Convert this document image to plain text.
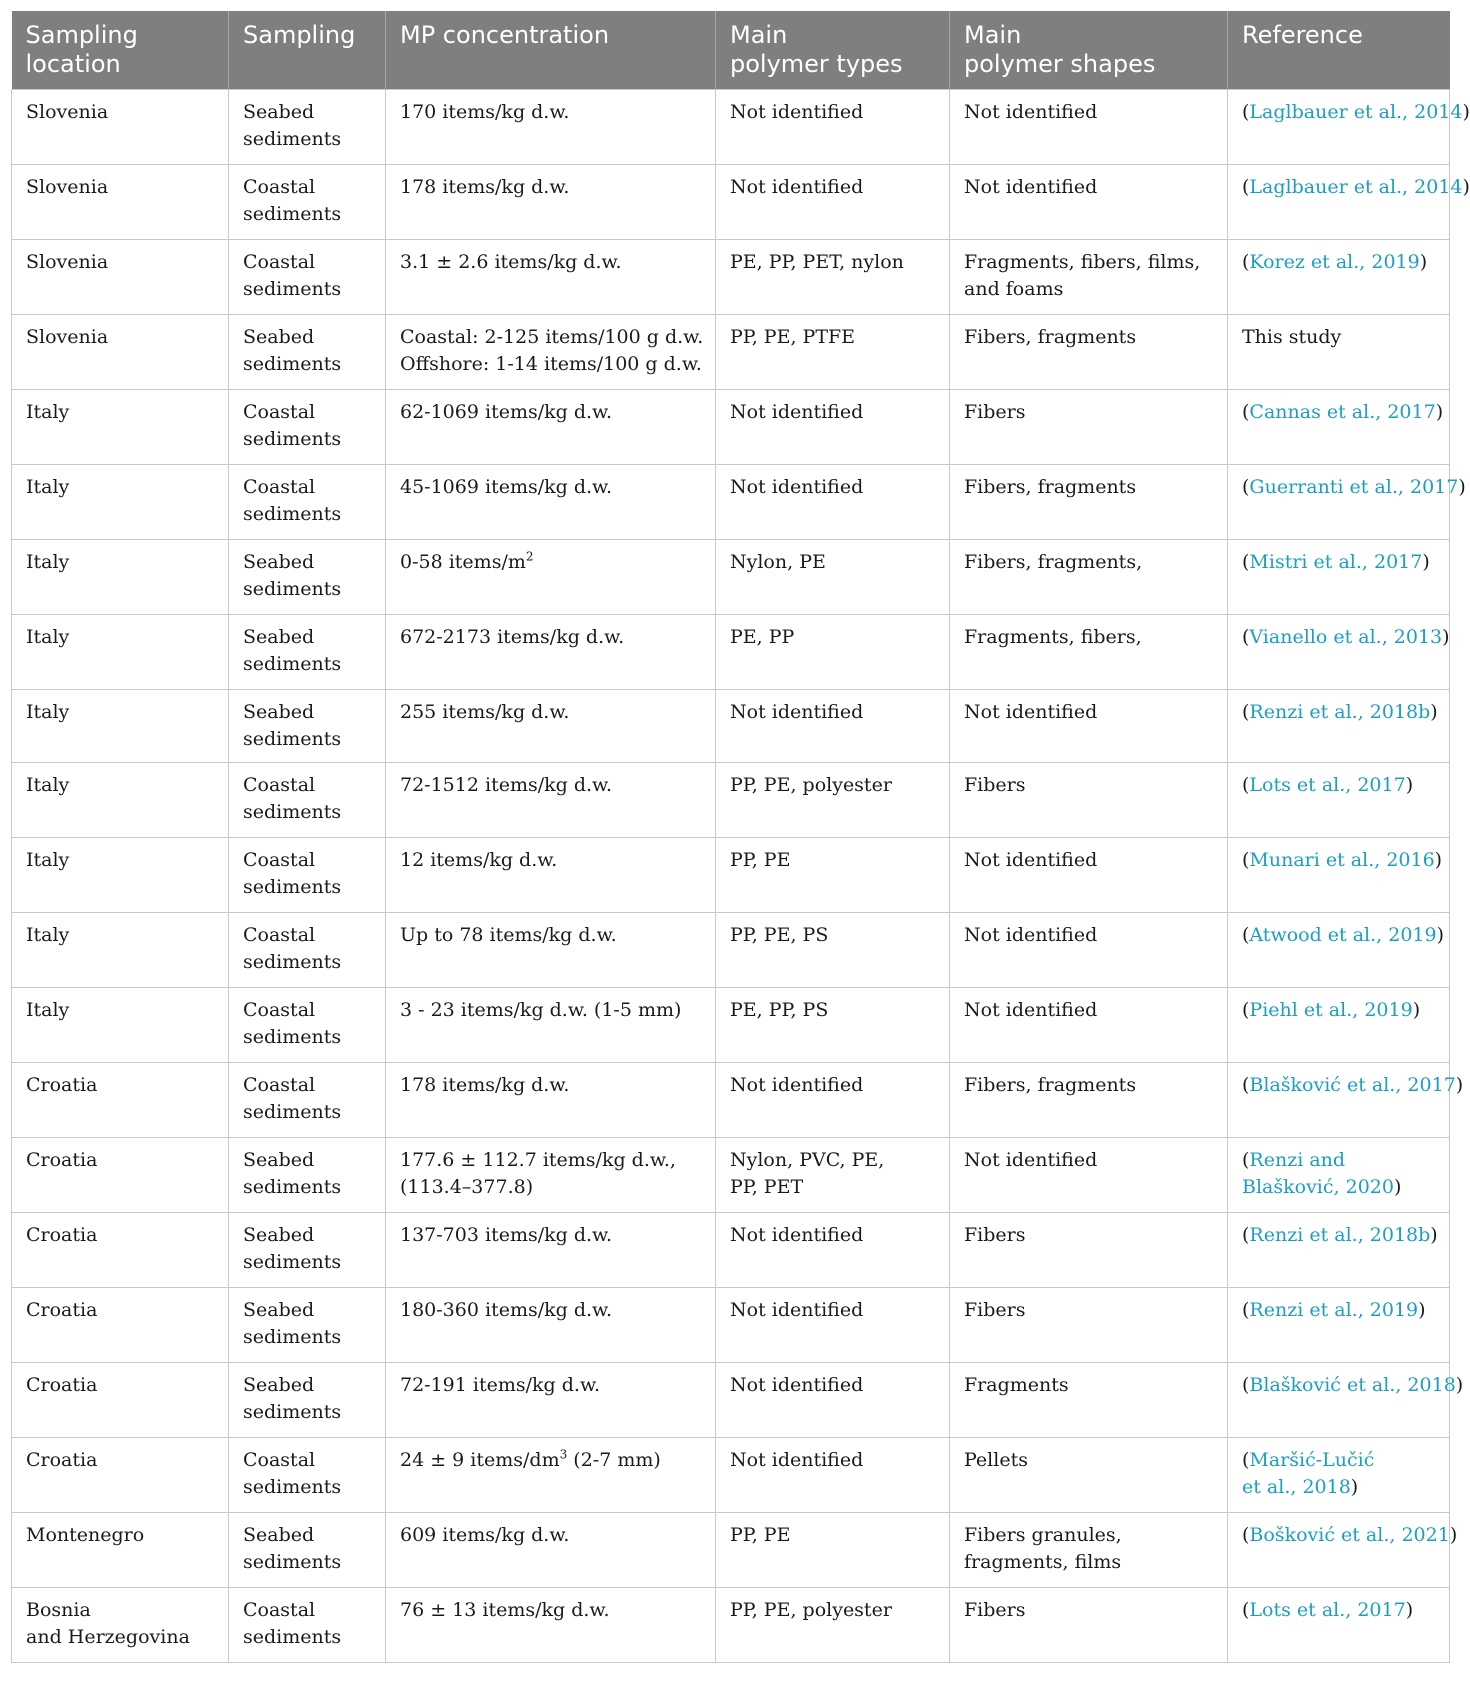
Sampling
location	Sampling	MP concentration	Main
polymer types	Main
polymer shapes	Reference

Slovenia	Seabed
sediments	170 items/kg d.w.	Not identified	Not identified	(Laglbauer et al., 2014)

Slovenia	Coastal
sediments	178 items/kg d.w.	Not identified	Not identified	(Laglbauer et al., 2014)

Slovenia	Coastal
sediments	3.1 ± 2.6 items/kg d.w.	PE, PP, PET, nylon	Fragments, fibers, films,
and foams	(Korez et al., 2019)

Slovenia	Seabed
sediments	Coastal: 2-125 items/100 g d.w.
Offshore: 1-14 items/100 g d.w.	PP, PE, PTFE	Fibers, fragments	This study

Italy	Coastal
sediments	62-1069 items/kg d.w.	Not identified	Fibers	(Cannas et al., 2017)

Italy	Coastal
sediments	45-1069 items/kg d.w.	Not identified	Fibers, fragments	(Guerranti et al., 2017)

Italy	Seabed
sediments	0-58 items/$m^2$	Nylon, PE	Fibers, fragments,	(Mistri et al., 2017)

Italy	Seabed
sediments	672-2173 items/kg d.w.	PE, PP	Fragments, fibers,	(Vianello et al., 2013)

Italy	Seabed
sediments	255 items/kg d.w.	Not identified	Not identified	(Renzi et al., 2018b)

Italy	Coastal
sediments	72-1512 items/kg d.w.	PP, PE, polyester	Fibers	(Lots et al., 2017)

Italy	Coastal
sediments	12 items/kg d.w.	PP, PE	Not identified	(Munari et al., 2016)

Italy	Coastal
sediments	Up to 78 items/kg d.w.	PP, PE, PS	Not identified	(Atwood et al., 2019)

Italy	Coastal
sediments	3 - 23 items/kg d.w. (1-5 mm)	PE, PP, PS	Not identified	(Piehl et al., 2019)

Croatia	Coastal
sediments	178 items/kg d.w.	Not identified	Fibers, fragments	(Blašković et al., 2017)

Croatia	Seabed
sediments	177.6 ± 112.7 items/kg d.w.,
(113.4–377.8)	Nylon, PVC, PE,
PP, PET	Not identified	(Renzi and
Blašković, 2020)

Croatia	Seabed
sediments	137-703 items/kg d.w.	Not identified	Fibers	(Renzi et al., 2018b)

Croatia	Seabed
sediments	180-360 items/kg d.w.	Not identified	Fibers	(Renzi et al., 2019)

Croatia	Seabed
sediments	72-191 items/kg d.w.	Not identified	Fragments	(Blašković et al., 2018)

Croatia	Coastal
sediments	24 ± 9 items/$dm^3$ (2-7 mm)	Not identified	Pellets	(Maršić-Lučić
et al., 2018)

Montenegro	Seabed
sediments	609 items/kg d.w.	PP, PE	Fibers granules,
fragments, films	(Bošković et al., 2021)

Bosnia
and Herzegovina	Coastal
sediments	76 ± 13 items/kg d.w.	PP, PE, polyester	Fibers	(Lots et al., 2017)
